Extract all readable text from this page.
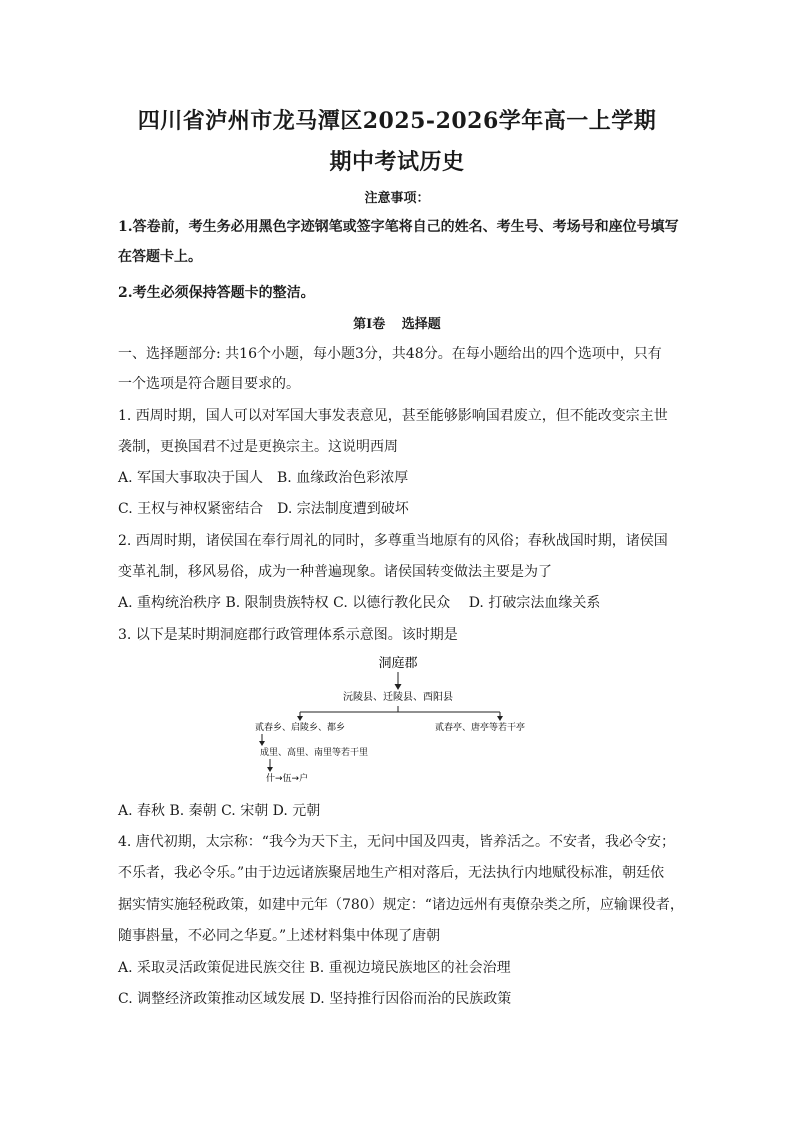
四川省泸州市龙马潭区2025-2026学年高一上学期
期中考试历史
注意事项：
1.答卷前，考生务必用黑色字迹钢笔或签字笔将自己的姓名、考生号、考场号和座位号填写
在答题卡上。
2.考生必须保持答题卡的整洁。
第Ⅰ卷 选择题
一、选择题部分: 共16个小题，每小题3分，共48分。在每小题给出的四个选项中，只有
一个选项是符合题目要求的。
1. 西周时期，国人可以对军国大事发表意见，甚至能够影响国君废立，但不能改变宗主世
袭制，更换国君不过是更换宗主。这说明西周
A. 军国大事取决于国人 B. 血缘政治色彩浓厚
C. 王权与神权紧密结合 D. 宗法制度遭到破坏
2. 西周时期，诸侯国在奉行周礼的同时，多尊重当地原有的风俗；春秋战国时期，诸侯国
变革礼制，移风易俗，成为一种普遍现象。诸侯国转变做法主要是为了
A. 重构统治秩序 B. 限制贵族特权 C. 以德行教化民众 D. 打破宗法血缘关系
3. 以下是某时期洞庭郡行政管理体系示意图。该时期是
洞庭郡
沅陵县、迁陵县、酉阳县
贰春乡、启陵乡、都乡	贰春亭、唐亭等若干亭
成里、高里、南里等若干里
什→伍→户
A. 春秋 B. 秦朝 C. 宋朝 D. 元朝
4. 唐代初期，太宗称：“我今为天下主，无问中国及四夷，皆养活之。不安者，我必令安；
不乐者，我必令乐。”由于边远诸族聚居地生产相对落后，无法执行内地赋役标准，朝廷依
据实情实施轻税政策，如建中元年（780）规定：“诸边远州有夷僚杂类之所，应输课役者，
随事斟量，不必同之华夏。”上述材料集中体现了唐朝
A. 采取灵活政策促进民族交往 B. 重视边境民族地区的社会治理
C. 调整经济政策推动区域发展 D. 坚持推行因俗而治的民族政策
